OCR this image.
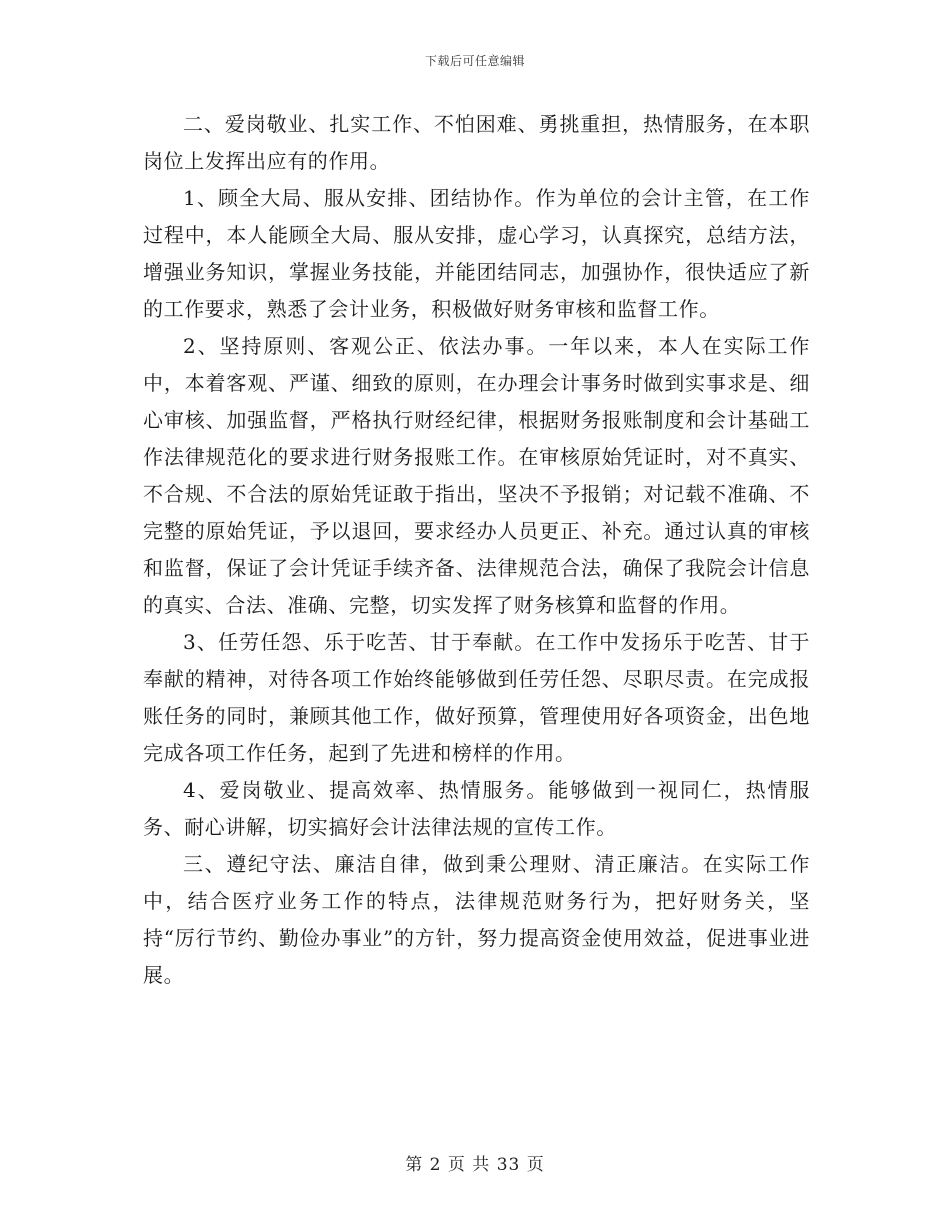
下载后可任意编辑

二、爱岗敬业、扎实工作、不怕困难、勇挑重担，热情服务，在本职岗位上发挥出应有的作用。

1、顾全大局、服从安排、团结协作。作为单位的会计主管，在工作过程中，本人能顾全大局、服从安排，虚心学习，认真探究，总结方法，增强业务知识，掌握业务技能，并能团结同志，加强协作，很快适应了新的工作要求，熟悉了会计业务，积极做好财务审核和监督工作。

2、坚持原则、客观公正、依法办事。一年以来，本人在实际工作中，本着客观、严谨、细致的原则，在办理会计事务时做到实事求是、细心审核、加强监督，严格执行财经纪律，根据财务报账制度和会计基础工作法律规范化的要求进行财务报账工作。在审核原始凭证时，对不真实、不合规、不合法的原始凭证敢于指出，坚决不予报销；对记载不准确、不完整的原始凭证，予以退回，要求经办人员更正、补充。通过认真的审核和监督，保证了会计凭证手续齐备、法律规范合法，确保了我院会计信息的真实、合法、准确、完整，切实发挥了财务核算和监督的作用。

3、任劳任怨、乐于吃苦、甘于奉献。在工作中发扬乐于吃苦、甘于奉献的精神，对待各项工作始终能够做到任劳任怨、尽职尽责。在完成报账任务的同时，兼顾其他工作，做好预算，管理使用好各项资金，出色地完成各项工作任务，起到了先进和榜样的作用。

4、爱岗敬业、提高效率、热情服务。能够做到一视同仁，热情服务、耐心讲解，切实搞好会计法律法规的宣传工作。

三、遵纪守法、廉洁自律，做到秉公理财、清正廉洁。在实际工作中，结合医疗业务工作的特点，法律规范财务行为，把好财务关，坚持“厉行节约、勤俭办事业”的方针，努力提高资金使用效益，促进事业进展。

第 2 页 共 33 页
